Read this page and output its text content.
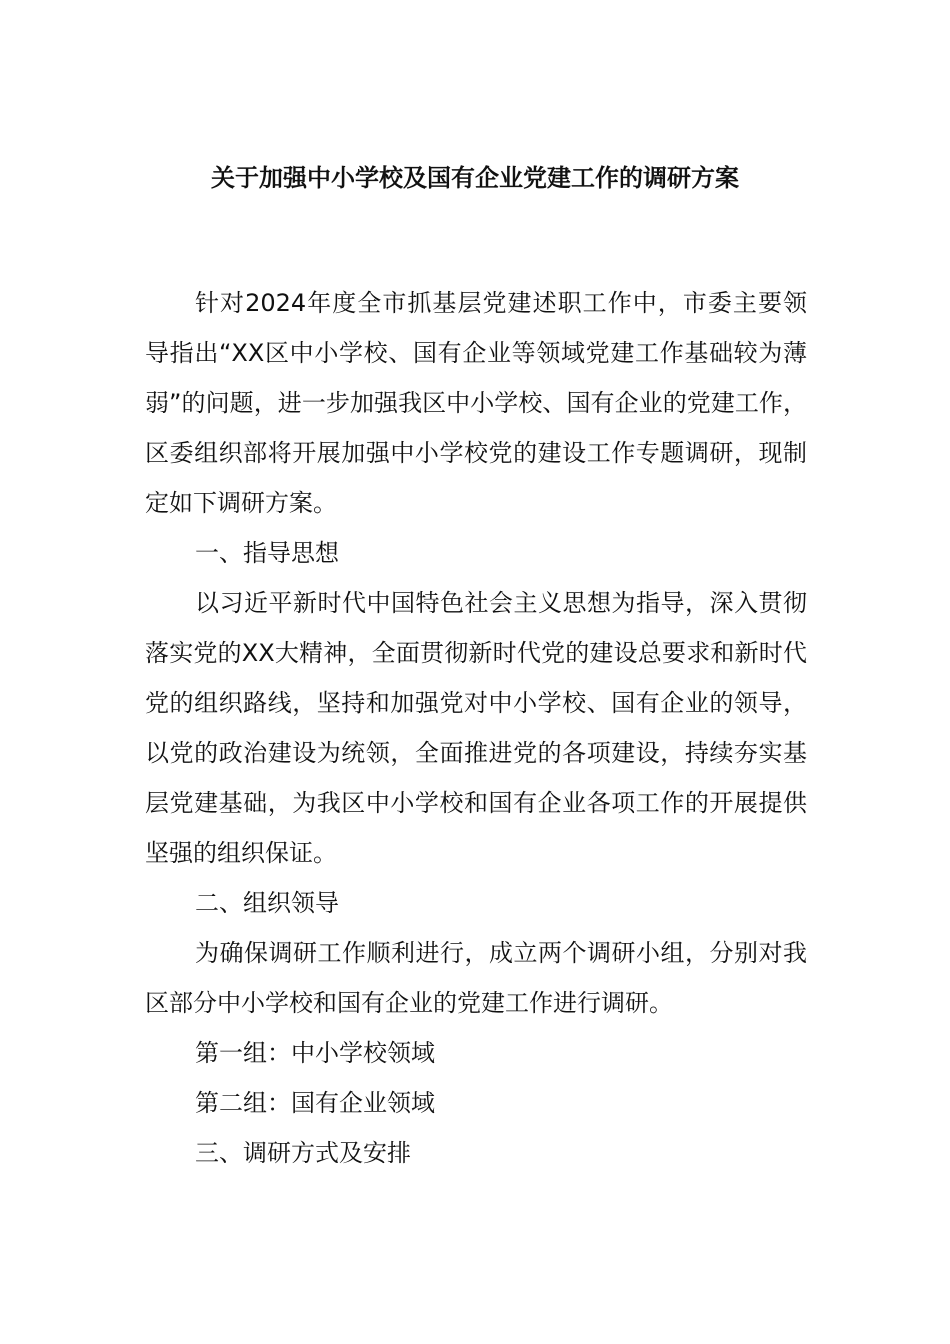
关于加强中小学校及国有企业党建工作的调研方案

针对2024年度全市抓基层党建述职工作中，市委主要领导指出“XX区中小学校、国有企业等领域党建工作基础较为薄弱”的问题，进一步加强我区中小学校、国有企业的党建工作，区委组织部将开展加强中小学校党的建设工作专题调研，现制定如下调研方案。

一、指导思想

以习近平新时代中国特色社会主义思想为指导，深入贯彻落实党的XX大精神，全面贯彻新时代党的建设总要求和新时代党的组织路线，坚持和加强党对中小学校、国有企业的领导，以党的政治建设为统领，全面推进党的各项建设，持续夯实基层党建基础，为我区中小学校和国有企业各项工作的开展提供坚强的组织保证。

二、组织领导

为确保调研工作顺利进行，成立两个调研小组，分别对我区部分中小学校和国有企业的党建工作进行调研。

第一组：中小学校领域

第二组：国有企业领域

三、调研方式及安排
